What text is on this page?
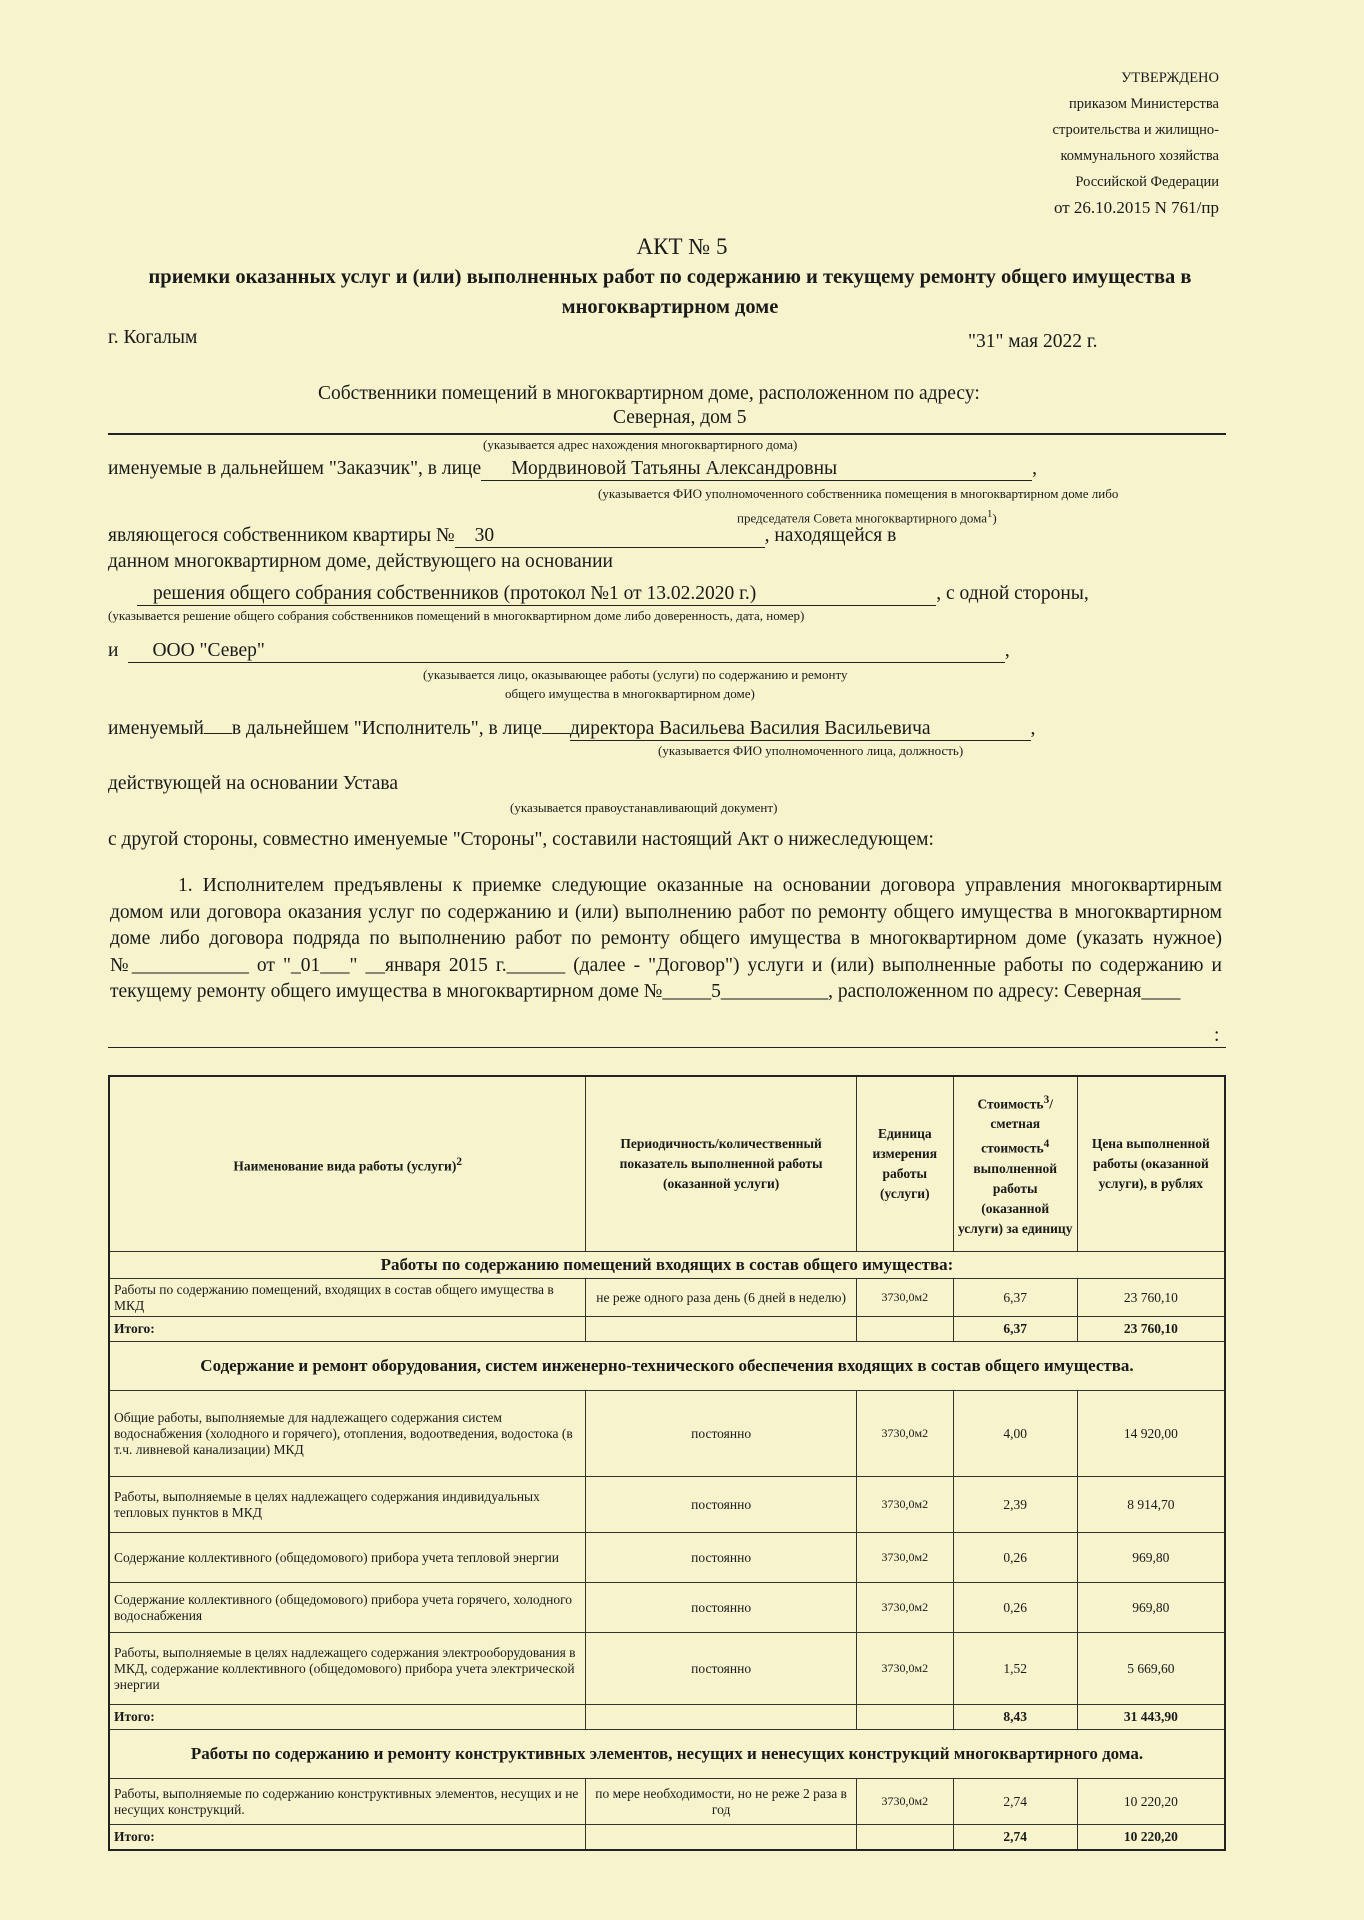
УТВЕРЖДЕНО
приказом Министерства
строительства и жилищно-
коммунального хозяйства
Российской Федерации
от 26.10.2015 N 761/пр
АКТ № 5
приемки оказанных услуг и (или) выполненных работ по содержанию и текущему ремонту общего имущества в многоквартирном доме
г. Когалым	"31" мая 2022 г.
Собственники помещений в многоквартирном доме, расположенном по адресу:
Северная, дом 5
(указывается адрес нахождения многоквартирного дома)
именуемые в дальнейшем "Заказчик", в лице Мордвиновой Татьяны Александровны	,
(указывается ФИО уполномоченного собственника помещения в многоквартирном доме либо
председателя Совета многоквартирного дома$^1$)
являющегося собственником квартиры № 30	, находящейся в
данном многоквартирном доме, действующего на основании
решения общего собрания собственников (протокол №1 от 13.02.2020 г.)	, с одной стороны,
(указывается решение общего собрания собственников помещений в многоквартирном доме либо доверенность, дата, номер)
и ООО "Север"	,
(указывается лицо, оказывающее работы (услуги) по содержанию и ремонту
общего имущества в многоквартирном доме)
именуемый в дальнейшем "Исполнитель", в лице директора Васильева Василия Васильевича	,
(указывается ФИО уполномоченного лица, должность)
действующей на основании Устава
(указывается правоустанавливающий документ)
с другой стороны, совместно именуемые "Стороны", составили настоящий Акт о нижеследующем:
1. Исполнителем предъявлены к приемке следующие оказанные на основании договора управления многоквартирным домом или договора оказания услуг по содержанию и (или) выполнению работ по ремонту общего имущества в многоквартирном доме либо договора подряда по выполнению работ по ремонту общего имущества в многоквартирном доме (указать нужное) №____________ от "_01___" __января 2015 г.______ (далее - "Договор") услуги и (или) выполненные работы по содержанию и текущему ремонту общего имущества в многоквартирном доме №_____5___________, расположенном по адресу: Северная____
:
Наименование вида работы (услуги)$^2$	Периодичность/количественный показатель выполненной работы (оказанной услуги)	Единица измерения работы (услуги)	Стоимость$^3$/сметная стоимость$^4$ выполненной работы (оказанной услуги) за единицу	Цена выполненной работы (оказанной услуги), в рублях
Работы по содержанию помещений входящих в состав общего имущества:				
Работы по содержанию помещений, входящих в состав общего имущества в МКД	не реже одного раза день (6 дней в неделю)	3730,0м2	6,37	23 760,10
Итого:			6,37	23 760,10
Содержание и ремонт оборудования, систем инженерно-технического обеспечения входящих в состав общего имущества.				
Общие работы, выполняемые для надлежащего содержания систем водоснабжения (холодного и горячего), отопления, водоотведения, водостока (в т.ч. ливневой канализации) МКД	постоянно	3730,0м2	4,00	14 920,00
Работы, выполняемые в целях надлежащего содержания индивидуальных тепловых пунктов в МКД	постоянно	3730,0м2	2,39	8 914,70
Содержание коллективного (общедомового) прибора учета тепловой энергии	постоянно	3730,0м2	0,26	969,80
Содержание коллективного (общедомового) прибора учета горячего, холодного водоснабжения	постоянно	3730,0м2	0,26	969,80
Работы, выполняемые в целях надлежащего содержания электрооборудования в МКД, содержание коллективного (общедомового) прибора учета электрической энергии	постоянно	3730,0м2	1,52	5 669,60
Итого:			8,43	31 443,90
Работы по содержанию и ремонту конструктивных элементов, несущих и ненесущих конструкций многоквартирного дома.				
Работы, выполняемые по содержанию конструктивных элементов, несущих и не несущих конструкций.	по мере необходимости, но не реже 2 раза в год	3730,0м2	2,74	10 220,20
Итого:			2,74	10 220,20
